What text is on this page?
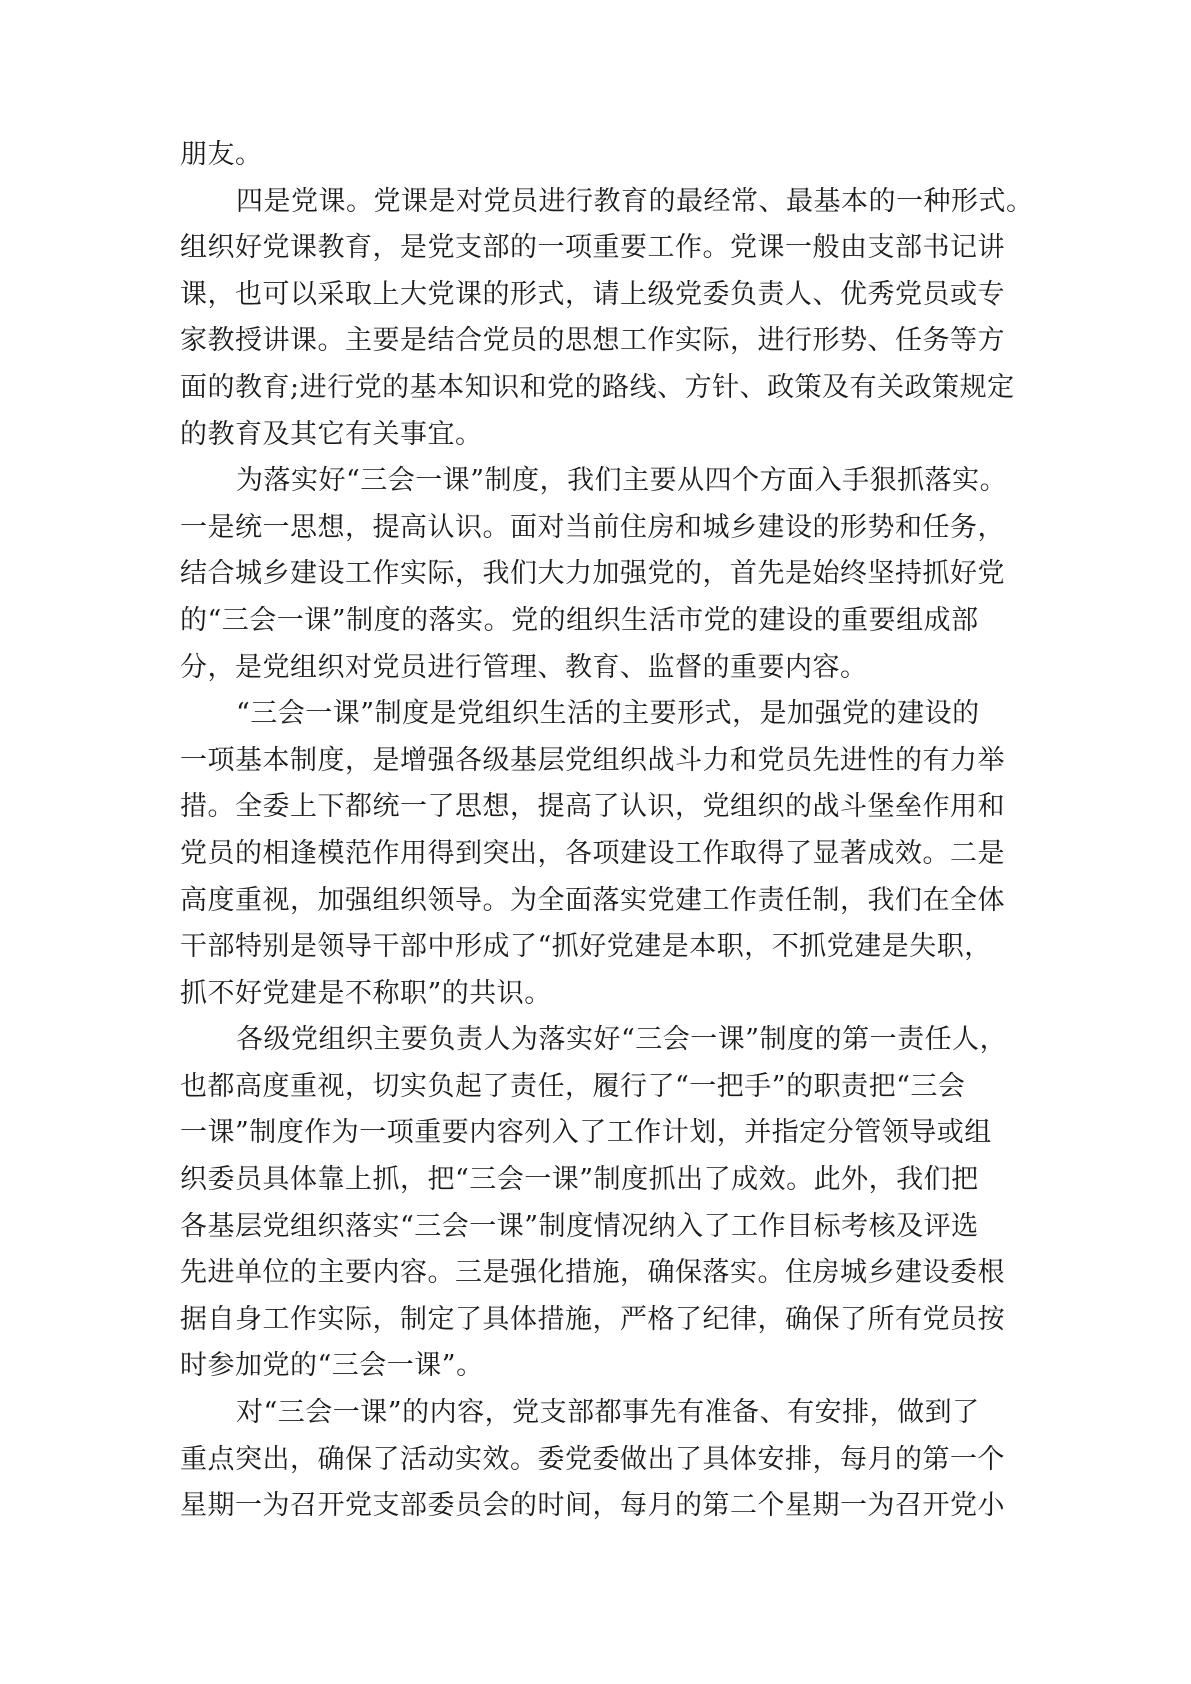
朋友。
四是党课。党课是对党员进行教育的最经常、最基本的一种形式。
组织好党课教育，是党支部的一项重要工作。党课一般由支部书记讲
课，也可以采取上大党课的形式，请上级党委负责人、优秀党员或专
家教授讲课。主要是结合党员的思想工作实际，进行形势、任务等方
面的教育;进行党的基本知识和党的路线、方针、政策及有关政策规定
的教育及其它有关事宜。
为落实好“三会一课”制度，我们主要从四个方面入手狠抓落实。
一是统一思想，提高认识。面对当前住房和城乡建设的形势和任务，
结合城乡建设工作实际，我们大力加强党的，首先是始终坚持抓好党
的“三会一课”制度的落实。党的组织生活市党的建设的重要组成部
分，是党组织对党员进行管理、教育、监督的重要内容。
“三会一课”制度是党组织生活的主要形式，是加强党的建设的
一项基本制度，是增强各级基层党组织战斗力和党员先进性的有力举
措。全委上下都统一了思想，提高了认识，党组织的战斗堡垒作用和
党员的相逢模范作用得到突出，各项建设工作取得了显著成效。二是
高度重视，加强组织领导。为全面落实党建工作责任制，我们在全体
干部特别是领导干部中形成了“抓好党建是本职，不抓党建是失职，
抓不好党建是不称职”的共识。
各级党组织主要负责人为落实好“三会一课”制度的第一责任人，
也都高度重视，切实负起了责任，履行了“一把手”的职责把“三会
一课”制度作为一项重要内容列入了工作计划，并指定分管领导或组
织委员具体靠上抓，把“三会一课”制度抓出了成效。此外，我们把
各基层党组织落实“三会一课”制度情况纳入了工作目标考核及评选
先进单位的主要内容。三是强化措施，确保落实。住房城乡建设委根
据自身工作实际，制定了具体措施，严格了纪律，确保了所有党员按
时参加党的“三会一课”。
对“三会一课”的内容，党支部都事先有准备、有安排，做到了
重点突出，确保了活动实效。委党委做出了具体安排，每月的第一个
星期一为召开党支部委员会的时间，每月的第二个星期一为召开党小
